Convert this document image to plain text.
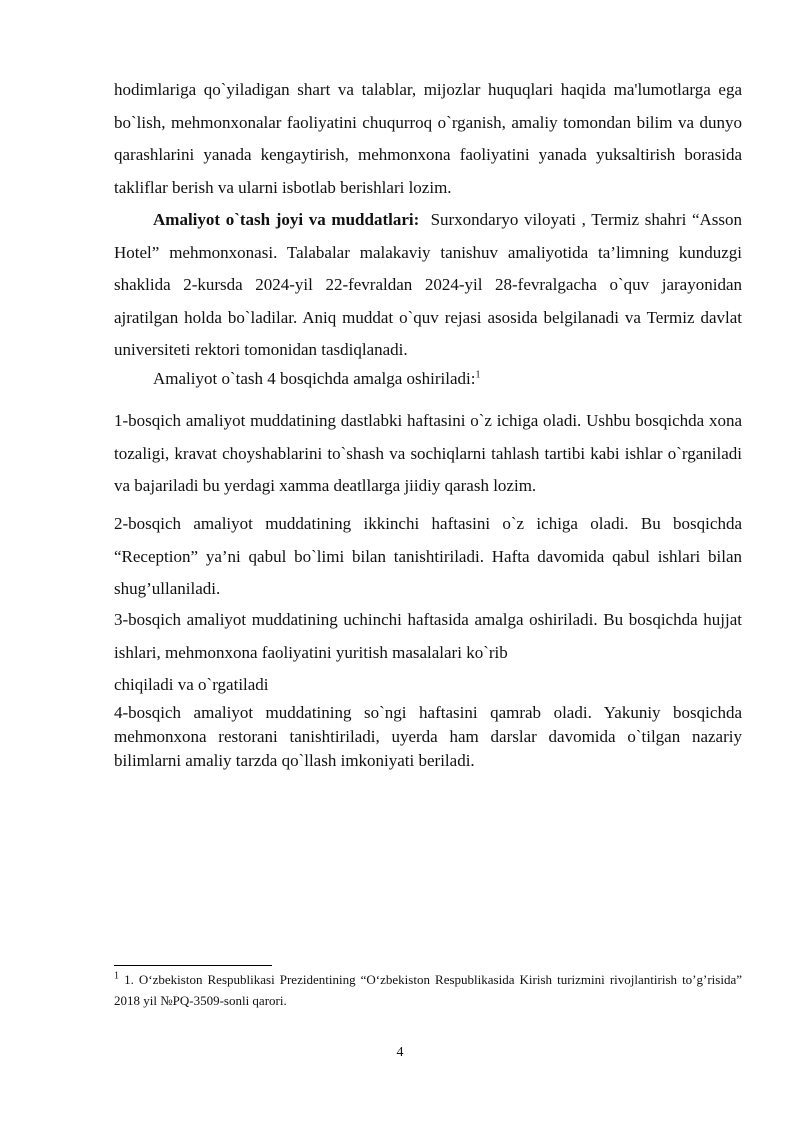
hodimlariga qo`yiladigan shart va talablar, mijozlar huquqlari haqida ma'lumotlarga ega bo`lish, mehmonxonalar faoliyatini chuqurroq o`rganish, amaliy tomondan bilim va dunyo qarashlarini yanada kengaytirish, mehmonxona faoliyatini yanada yuksaltirish borasida takliflar berish va ularni isbotlab berishlari lozim.

Amaliyot o`tash joyi va muddatlari: Surxondaryo viloyati , Termiz shahri “Asson Hotel” mehmonxonasi. Talabalar malakaviy tanishuv amaliyotida ta’limning kunduzgi shaklida 2-kursda 2024-yil 22-fevraldan 2024-yil 28-fevralgacha o`quv jarayonidan ajratilgan holda bo`ladilar. Aniq muddat o`quv rejasi asosida belgilanadi va Termiz davlat universiteti rektori tomonidan tasdiqlanadi.

Amaliyot o`tash 4 bosqichda amalga oshiriladi:$^1$

1-bosqich amaliyot muddatining dastlabki haftasini o`z ichiga oladi. Ushbu bosqichda xona tozaligi, kravat choyshablarini to`shash va sochiqlarni tahlash tartibi kabi ishlar o`rganiladi va bajariladi bu yerdagi xamma deatllarga jiidiy qarash lozim.

2-bosqich amaliyot muddatining ikkinchi haftasini o`z ichiga oladi. Bu bosqichda “Reception” ya’ni qabul bo`limi bilan tanishtiriladi. Hafta davomida qabul ishlari bilan shug’ullaniladi.

3-bosqich amaliyot muddatining uchinchi haftasida amalga oshiriladi. Bu bosqichda hujjat ishlari, mehmonxona faoliyatini yuritish masalalari ko`rib
chiqiladi va o`rgatiladi

4-bosqich amaliyot muddatining so`ngi haftasini qamrab oladi. Yakuniy bosqichda mehmonxona restorani tanishtiriladi, uyerda ham darslar davomida o`tilgan nazariy bilimlarni amaliy tarzda qo`llash imkoniyati beriladi.

$^1$ 1. O‘zbekiston Respublikasi Prezidentining “O‘zbekiston Respublikasida Kirish turizmini rivojlantirish to’g’risida” 2018 yil №PQ-3509-sonli qarori.

4
